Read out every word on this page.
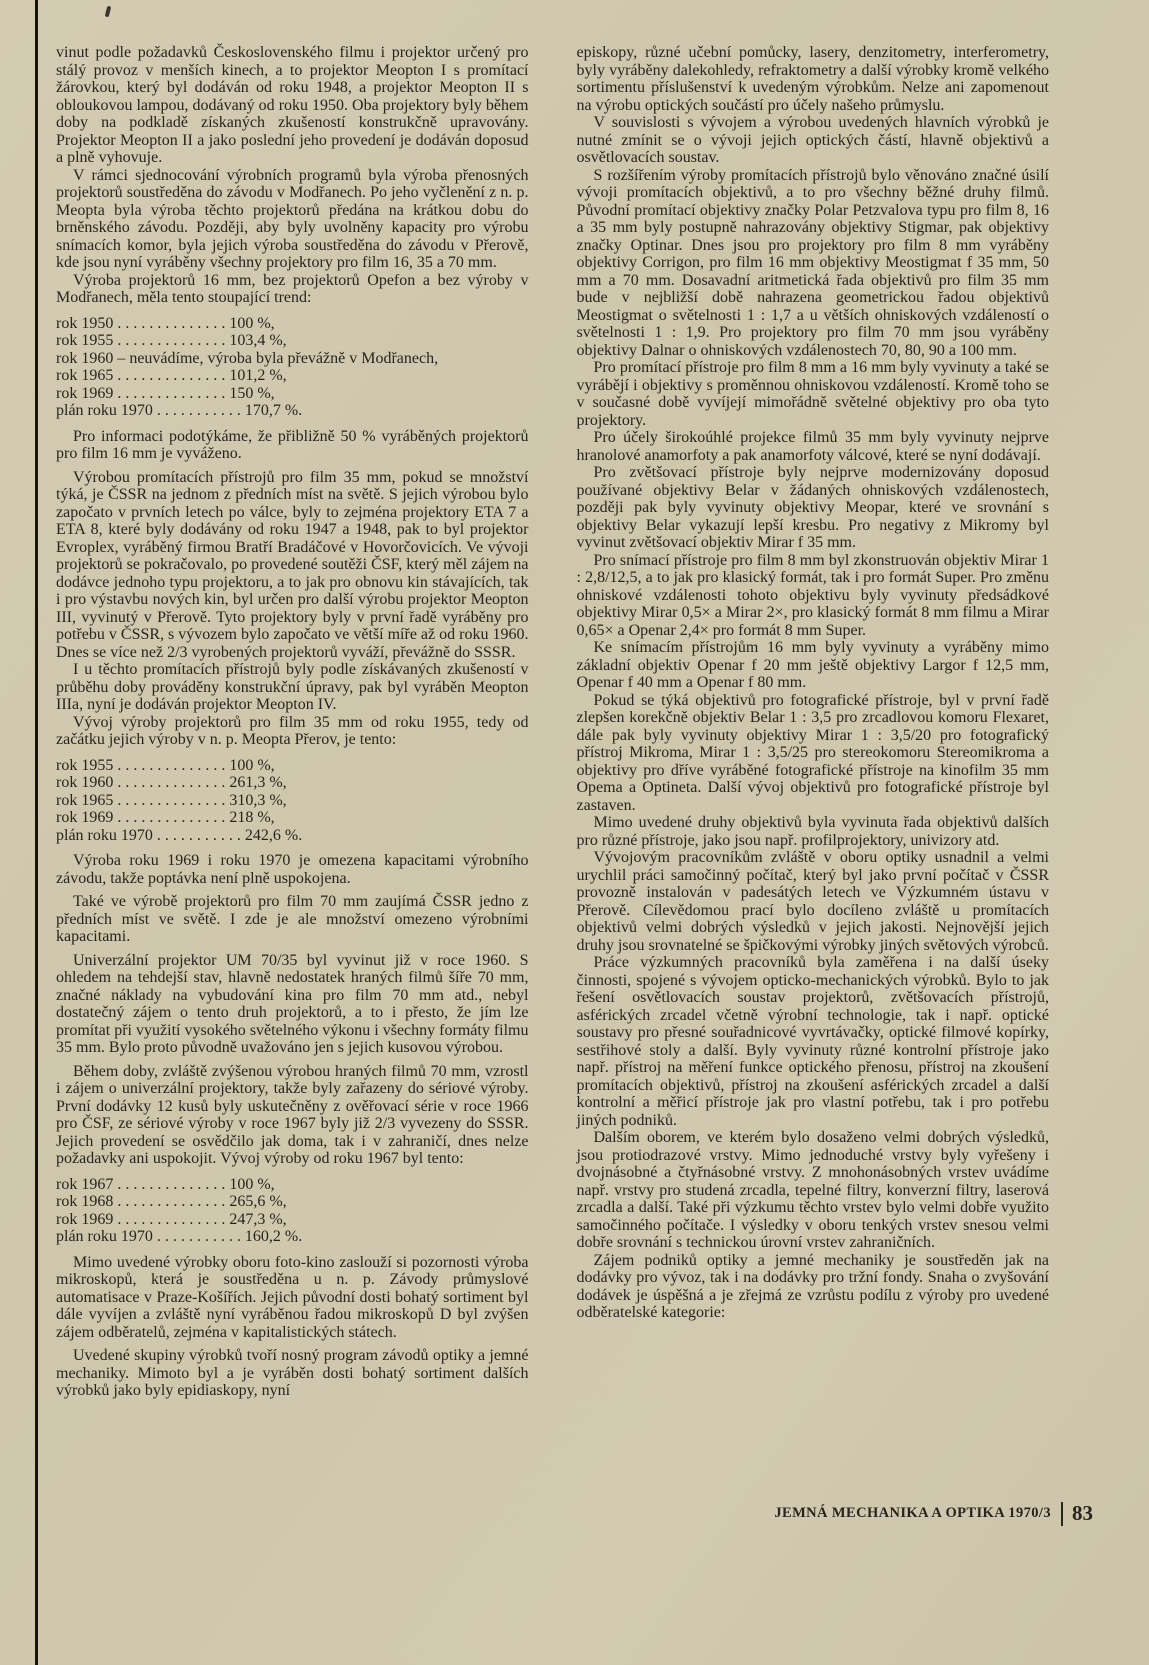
vinut podle požadavků Československého filmu i projektor určený pro stálý provoz v menších kinech, a to projektor Meopton I s promítací žárovkou, který byl dodáván od roku 1948, a projektor Meopton II s obloukovou lampou, dodávaný od roku 1950. Oba projektory byly během doby na podkladě získaných zkušeností konstrukčně upravovány. Projektor Meopton II a jako poslední jeho provedení je dodáván doposud a plně vyhovuje.

V rámci sjednocování výrobních programů byla výroba přenosných projektorů soustředěna do závodu v Modřanech. Po jeho vyčlenění z n. p. Meopta byla výroba těchto projektorů předána na krátkou dobu do brněnského závodu. Později, aby byly uvolněny kapacity pro výrobu snímacích komor, byla jejich výroba soustředěna do závodu v Přerově, kde jsou nyní vyráběny všechny projektory pro film 16, 35 a 70 mm.

Výroba projektorů 16 mm, bez projektorů Opefon a bez výroby v Modřanech, měla tento stoupající trend:

rok 1950 . . . . . . . . . . . . . . 100 %,
rok 1955 . . . . . . . . . . . . . . 103,4 %,
rok 1960 – neuvádíme, výroba byla převážně v Modřanech,
rok 1965 . . . . . . . . . . . . . . 101,2 %,
rok 1969 . . . . . . . . . . . . . . 150 %,
plán roku 1970 . . . . . . . . . . . 170,7 %.

Pro informaci podotýkáme, že přibližně 50 % vyráběných projektorů pro film 16 mm je vyváženo.

Výrobou promítacích přístrojů pro film 35 mm, pokud se množství týká, je ČSSR na jednom z předních míst na světě. S jejich výrobou bylo započato v prvních letech po válce, byly to zejména projektory ETA 7 a ETA 8, které byly dodávány od roku 1947 a 1948, pak to byl projektor Evroplex, vyráběný firmou Bratří Bradáčové v Hovorčovicích. Ve vývoji projektorů se pokračovalo, po provedené soutěži ČSF, který měl zájem na dodávce jednoho typu projektoru, a to jak pro obnovu kin stávajících, tak i pro výstavbu nových kin, byl určen pro další výrobu projektor Meopton III, vyvinutý v Přerově. Tyto projektory byly v první řadě vyráběny pro potřebu v ČSSR, s vývozem bylo započato ve větší míře až od roku 1960. Dnes se více než 2/3 vyrobených projektorů vyváží, převážně do SSSR.

I u těchto promítacích přístrojů byly podle získávaných zkušeností v průběhu doby prováděny konstrukční úpravy, pak byl vyráběn Meopton IIIa, nyní je dodáván projektor Meopton IV.

Vývoj výroby projektorů pro film 35 mm od roku 1955, tedy od začátku jejich výroby v n. p. Meopta Přerov, je tento:

rok 1955 . . . . . . . . . . . . . . 100 %,
rok 1960 . . . . . . . . . . . . . . 261,3 %,
rok 1965 . . . . . . . . . . . . . . 310,3 %,
rok 1969 . . . . . . . . . . . . . . 218 %,
plán roku 1970 . . . . . . . . . . . 242,6 %.

Výroba roku 1969 i roku 1970 je omezena kapacitami výrobního závodu, takže poptávka není plně uspokojena.

Také ve výrobě projektorů pro film 70 mm zaujímá ČSSR jedno z předních míst ve světě. I zde je ale množství omezeno výrobními kapacitami.

Univerzální projektor UM 70/35 byl vyvinut již v roce 1960. S ohledem na tehdejší stav, hlavně nedostatek hraných filmů šíře 70 mm, značné náklady na vybudování kina pro film 70 mm atd., nebyl dostatečný zájem o tento druh projektorů, a to i přesto, že jím lze promítat při využití vysokého světelného výkonu i všechny formáty filmu 35 mm. Bylo proto původně uvažováno jen s jejich kusovou výrobou.

Během doby, zvláště zvýšenou výrobou hraných filmů 70 mm, vzrostl i zájem o univerzální projektory, takže byly zařazeny do sériové výroby. První dodávky 12 kusů byly uskutečněny z ověřovací série v roce 1966 pro ČSF, ze sériové výroby v roce 1967 byly již 2/3 vyvezeny do SSSR. Jejich provedení se osvědčilo jak doma, tak i v zahraničí, dnes nelze požadavky ani uspokojit. Vývoj výroby od roku 1967 byl tento:

rok 1967 . . . . . . . . . . . . . . 100 %,
rok 1968 . . . . . . . . . . . . . . 265,6 %,
rok 1969 . . . . . . . . . . . . . . 247,3 %,
plán roku 1970 . . . . . . . . . . . 160,2 %.

Mimo uvedené výrobky oboru foto-kino zaslouží si pozornosti výroba mikroskopů, která je soustředěna u n. p. Závody průmyslové automatisace v Praze-Košířích. Jejich původní dosti bohatý sortiment byl dále vyvíjen a zvláště nyní vyráběnou řadou mikroskopů D byl zvýšen zájem odběratelů, zejména v kapitalistických státech.

Uvedené skupiny výrobků tvoří nosný program závodů optiky a jemné mechaniky. Mimoto byl a je vyráběn dosti bohatý sortiment dalších výrobků jako byly epidiaskopy, nyní

episkopy, různé učební pomůcky, lasery, denzitometry, interferometry, byly vyráběny dalekohledy, refraktometry a další výrobky kromě velkého sortimentu příslušenství k uvedeným výrobkům. Nelze ani zapomenout na výrobu optických součástí pro účely našeho průmyslu.

V souvislosti s vývojem a výrobou uvedených hlavních výrobků je nutné zmínit se o vývoji jejich optických částí, hlavně objektivů a osvětlovacích soustav.

S rozšířením výroby promítacích přístrojů bylo věnováno značné úsilí vývoji promítacích objektivů, a to pro všechny běžné druhy filmů. Původní promítací objektivy značky Polar Petzvalova typu pro film 8, 16 a 35 mm byly postupně nahrazovány objektivy Stigmar, pak objektivy značky Optinar. Dnes jsou pro projektory pro film 8 mm vyráběny objektivy Corrigon, pro film 16 mm objektivy Meostigmat f 35 mm, 50 mm a 70 mm. Dosavadní aritmetická řada objektivů pro film 35 mm bude v nejbližší době nahrazena geometrickou řadou objektivů Meostigmat o světelnosti 1 : 1,7 a u větších ohniskových vzdáleností o světelnosti 1 : 1,9. Pro projektory pro film 70 mm jsou vyráběny objektivy Dalnar o ohniskových vzdálenostech 70, 80, 90 a 100 mm.

Pro promítací přístroje pro film 8 mm a 16 mm byly vyvinuty a také se vyrábějí i objektivy s proměnnou ohniskovou vzdáleností. Kromě toho se v současné době vyvíjejí mimořádně světelné objektivy pro oba tyto projektory.

Pro účely širokoúhlé projekce filmů 35 mm byly vyvinuty nejprve hranolové anamorfoty a pak anamorfoty válcové, které se nyní dodávají.

Pro zvětšovací přístroje byly nejprve modernizovány doposud používané objektivy Belar v žádaných ohniskových vzdálenostech, později pak byly vyvinuty objektivy Meopar, které ve srovnání s objektivy Belar vykazují lepší kresbu. Pro negativy z Mikromy byl vyvinut zvětšovací objektiv Mirar f 35 mm.

Pro snímací přístroje pro film 8 mm byl zkonstruován objektiv Mirar 1 : 2,8/12,5, a to jak pro klasický formát, tak i pro formát Super. Pro změnu ohniskové vzdálenosti tohoto objektivu byly vyvinuty předsádkové objektivy Mirar 0,5× a Mirar 2×, pro klasický formát 8 mm filmu a Mirar 0,65× a Openar 2,4× pro formát 8 mm Super.

Ke snímacím přístrojům 16 mm byly vyvinuty a vyráběny mimo základní objektiv Openar f 20 mm ještě objektivy Largor f 12,5 mm, Openar f 40 mm a Openar f 80 mm.

Pokud se týká objektivů pro fotografické přístroje, byl v první řadě zlepšen korekčně objektiv Belar 1 : 3,5 pro zrcadlovou komoru Flexaret, dále pak byly vyvinuty objektivy Mirar 1 : 3,5/20 pro fotografický přístroj Mikroma, Mirar 1 : 3,5/25 pro stereokomoru Stereomikroma a objektivy pro dříve vyráběné fotografické přístroje na kinofilm 35 mm Opema a Optineta. Další vývoj objektivů pro fotografické přístroje byl zastaven.

Mimo uvedené druhy objektivů byla vyvinuta řada objektivů dalších pro různé přístroje, jako jsou např. profilprojektory, univizory atd.

Vývojovým pracovníkům zvláště v oboru optiky usnadnil a velmi urychlil práci samočinný počítač, který byl jako první počítač v ČSSR provozně instalován v padesátých letech ve Výzkumném ústavu v Přerově. Cílevědomou prací bylo docíleno zvláště u promítacích objektivů velmi dobrých výsledků v jejich jakosti. Nejnovější jejich druhy jsou srovnatelné se špičkovými výrobky jiných světových výrobců.

Práce výzkumných pracovníků byla zaměřena i na další úseky činnosti, spojené s vývojem opticko-mechanických výrobků. Bylo to jak řešení osvětlovacích soustav projektorů, zvětšovacích přístrojů, asférických zrcadel včetně výrobní technologie, tak i např. optické soustavy pro přesné souřadnicové vyvrtávačky, optické filmové kopírky, sestřihové stoly a další. Byly vyvinuty různé kontrolní přístroje jako např. přístroj na měření funkce optického přenosu, přístroj na zkoušení promítacích objektivů, přístroj na zkoušení asférických zrcadel a další kontrolní a měřicí přístroje jak pro vlastní potřebu, tak i pro potřebu jiných podniků.

Dalším oborem, ve kterém bylo dosaženo velmi dobrých výsledků, jsou protiodrazové vrstvy. Mimo jednoduché vrstvy byly vyřešeny i dvojnásobné a čtyřnásobné vrstvy. Z mnohonásobných vrstev uvádíme např. vrstvy pro studená zrcadla, tepelné filtry, konverzní filtry, laserová zrcadla a další. Také při výzkumu těchto vrstev bylo velmi dobře využito samočinného počítače. I výsledky v oboru tenkých vrstev snesou velmi dobře srovnání s technickou úrovní vrstev zahraničních.

Zájem podniků optiky a jemné mechaniky je soustředěn jak na dodávky pro vývoz, tak i na dodávky pro tržní fondy. Snaha o zvyšování dodávek je úspěšná a je zřejmá ze vzrůstu podílu z výroby pro uvedené odběratelské kategorie:

JEMNÁ MECHANIKA A OPTIKA 1970/3 83
